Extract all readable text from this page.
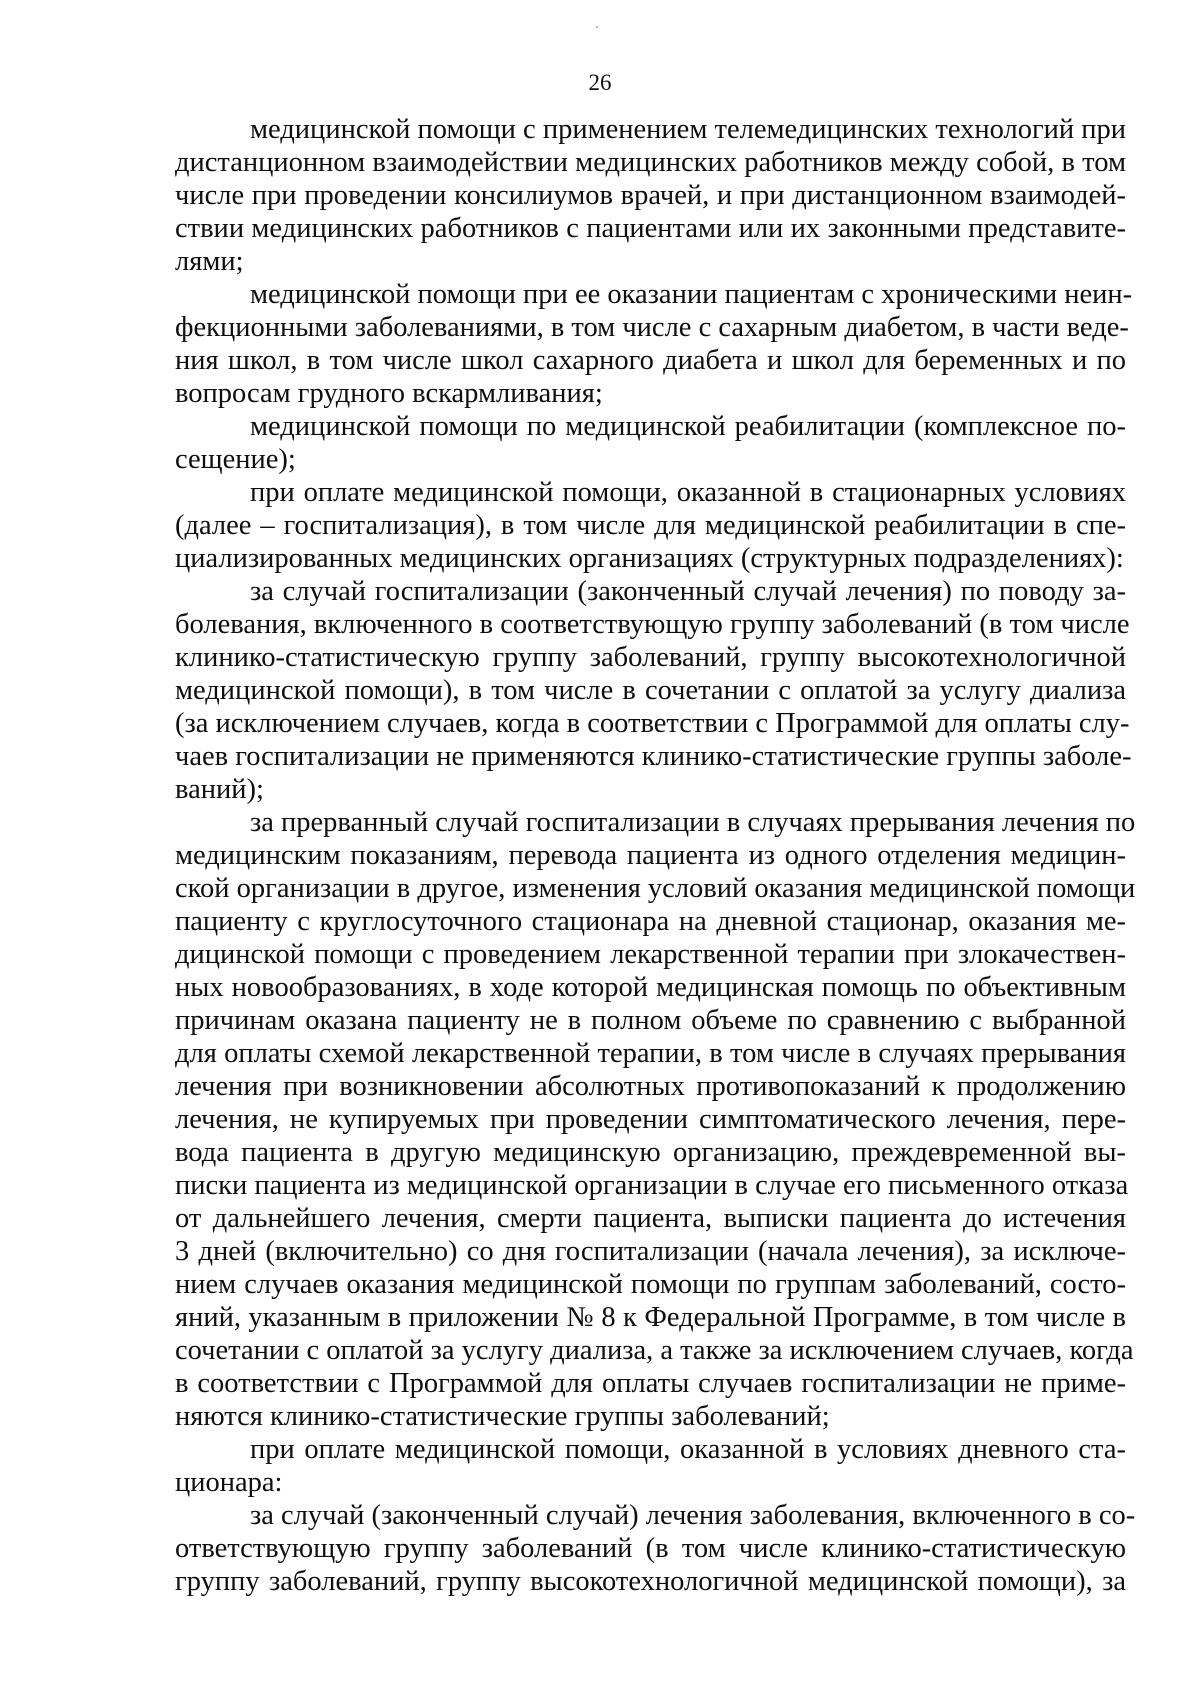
26
медицинской помощи с применением телемедицинских технологий при
дистанционном взаимодействии медицинских работников между собой, в том
числе при проведении консилиумов врачей, и при дистанционном взаимодей-
ствии медицинских работников с пациентами или их законными представите-
лями;
медицинской помощи при ее оказании пациентам с хроническими неин-
фекционными заболеваниями, в том числе с сахарным диабетом, в части веде-
ния школ, в том числе школ сахарного диабета и школ для беременных и по
вопросам грудного вскармливания;
медицинской помощи по медицинской реабилитации (комплексное по-
сещение);
при оплате медицинской помощи, оказанной в стационарных условиях
(далее – госпитализация), в том числе для медицинской реабилитации в спе-
циализированных медицинских организациях (структурных подразделениях):
за случай госпитализации (законченный случай лечения) по поводу за-
болевания, включенного в соответствующую группу заболеваний (в том числе
клинико-статистическую группу заболеваний, группу высокотехнологичной
медицинской помощи), в том числе в сочетании с оплатой за услугу диализа
(за исключением случаев, когда в соответствии с Программой для оплаты слу-
чаев госпитализации не применяются клинико-статистические группы заболе-
ваний);
за прерванный случай госпитализации в случаях прерывания лечения по
медицинским показаниям, перевода пациента из одного отделения медицин-
ской организации в другое, изменения условий оказания медицинской помощи
пациенту с круглосуточного стационара на дневной стационар, оказания ме-
дицинской помощи с проведением лекарственной терапии при злокачествен-
ных новообразованиях, в ходе которой медицинская помощь по объективным
причинам оказана пациенту не в полном объеме по сравнению с выбранной
для оплаты схемой лекарственной терапии, в том числе в случаях прерывания
лечения при возникновении абсолютных противопоказаний к продолжению
лечения, не купируемых при проведении симптоматического лечения, пере-
вода пациента в другую медицинскую организацию, преждевременной вы-
писки пациента из медицинской организации в случае его письменного отказа
от дальнейшего лечения, смерти пациента, выписки пациента до истечения
3 дней (включительно) со дня госпитализации (начала лечения), за исключе-
нием случаев оказания медицинской помощи по группам заболеваний, состо-
яний, указанным в приложении № 8 к Федеральной Программе, в том числе в
сочетании с оплатой за услугу диализа, а также за исключением случаев, когда
в соответствии с Программой для оплаты случаев госпитализации не приме-
няются клинико-статистические группы заболеваний;
при оплате медицинской помощи, оказанной в условиях дневного ста-
ционара:
за случай (законченный случай) лечения заболевания, включенного в со-
ответствующую группу заболеваний (в том числе клинико-статистическую
группу заболеваний, группу высокотехнологичной медицинской помощи), за
